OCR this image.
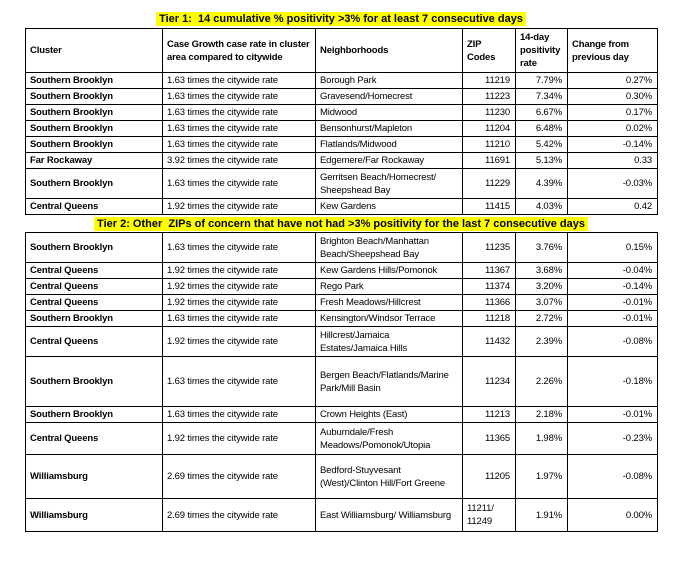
Tier 1:  14 cumulative % positivity >3% for at least 7 consecutive days
Cluster	Case Growth case rate in cluster area compared to citywide	Neighborhoods	ZIP Codes	14-day positivity rate	Change from previous day
Southern Brooklyn	1.63 times the citywide rate	Borough Park	11219	7.79%	0.27%
Southern Brooklyn	1.63 times the citywide rate	Gravesend/Homecrest	11223	7.34%	0.30%
Southern Brooklyn	1.63 times the citywide rate	Midwood	11230	6.67%	0.17%
Southern Brooklyn	1.63 times the citywide rate	Bensonhurst/Mapleton	11204	6.48%	0.02%
Southern Brooklyn	1.63 times the citywide rate	Flatlands/Midwood	11210	5.42%	-0.14%
Far Rockaway	3.92 times the citywide rate	Edgemere/Far Rockaway	11691	5.13%	0.33
Southern Brooklyn	1.63 times the citywide rate	Gerritsen Beach/Homecrest/ Sheepshead Bay	11229	4.39%	-0.03%
Central Queens	1.92 times the citywide rate	Kew Gardens	11415	4.03%	0.42
Tier 2: Other  ZIPs of concern that have not had >3% positivity for the last 7 consecutive days
Southern Brooklyn	1.63 times the citywide rate	Brighton Beach/Manhattan Beach/Sheepshead Bay	11235	3.76%	0.15%
Central Queens	1.92 times the citywide rate	Kew Gardens Hills/Pomonok	11367	3.68%	-0.04%
Central Queens	1.92 times the citywide rate	Rego Park	11374	3.20%	-0.14%
Central Queens	1.92 times the citywide rate	Fresh Meadows/Hillcrest	11366	3.07%	-0.01%
Southern Brooklyn	1.63 times the citywide rate	Kensington/Windsor Terrace	11218	2.72%	-0.01%
Central Queens	1.92 times the citywide rate	Hillcrest/Jamaica Estates/Jamaica Hills	11432	2.39%	-0.08%
Southern Brooklyn	1.63 times the citywide rate	Bergen Beach/Flatlands/Marine Park/Mill Basin	11234	2.26%	-0.18%
Southern Brooklyn	1.63 times the citywide rate	Crown Heights (East)	11213	2.18%	-0.01%
Central Queens	1.92 times the citywide rate	Auburndale/Fresh Meadows/Pomonok/Utopia	11365	1.98%	-0.23%
Williamsburg	2.69 times the citywide rate	Bedford-Stuyvesant (West)/Clinton Hill/Fort Greene	11205	1.97%	-0.08%
Williamsburg	2.69 times the citywide rate	East Williamsburg/ Williamsburg	11211/ 11249	1.91%	0.00%
